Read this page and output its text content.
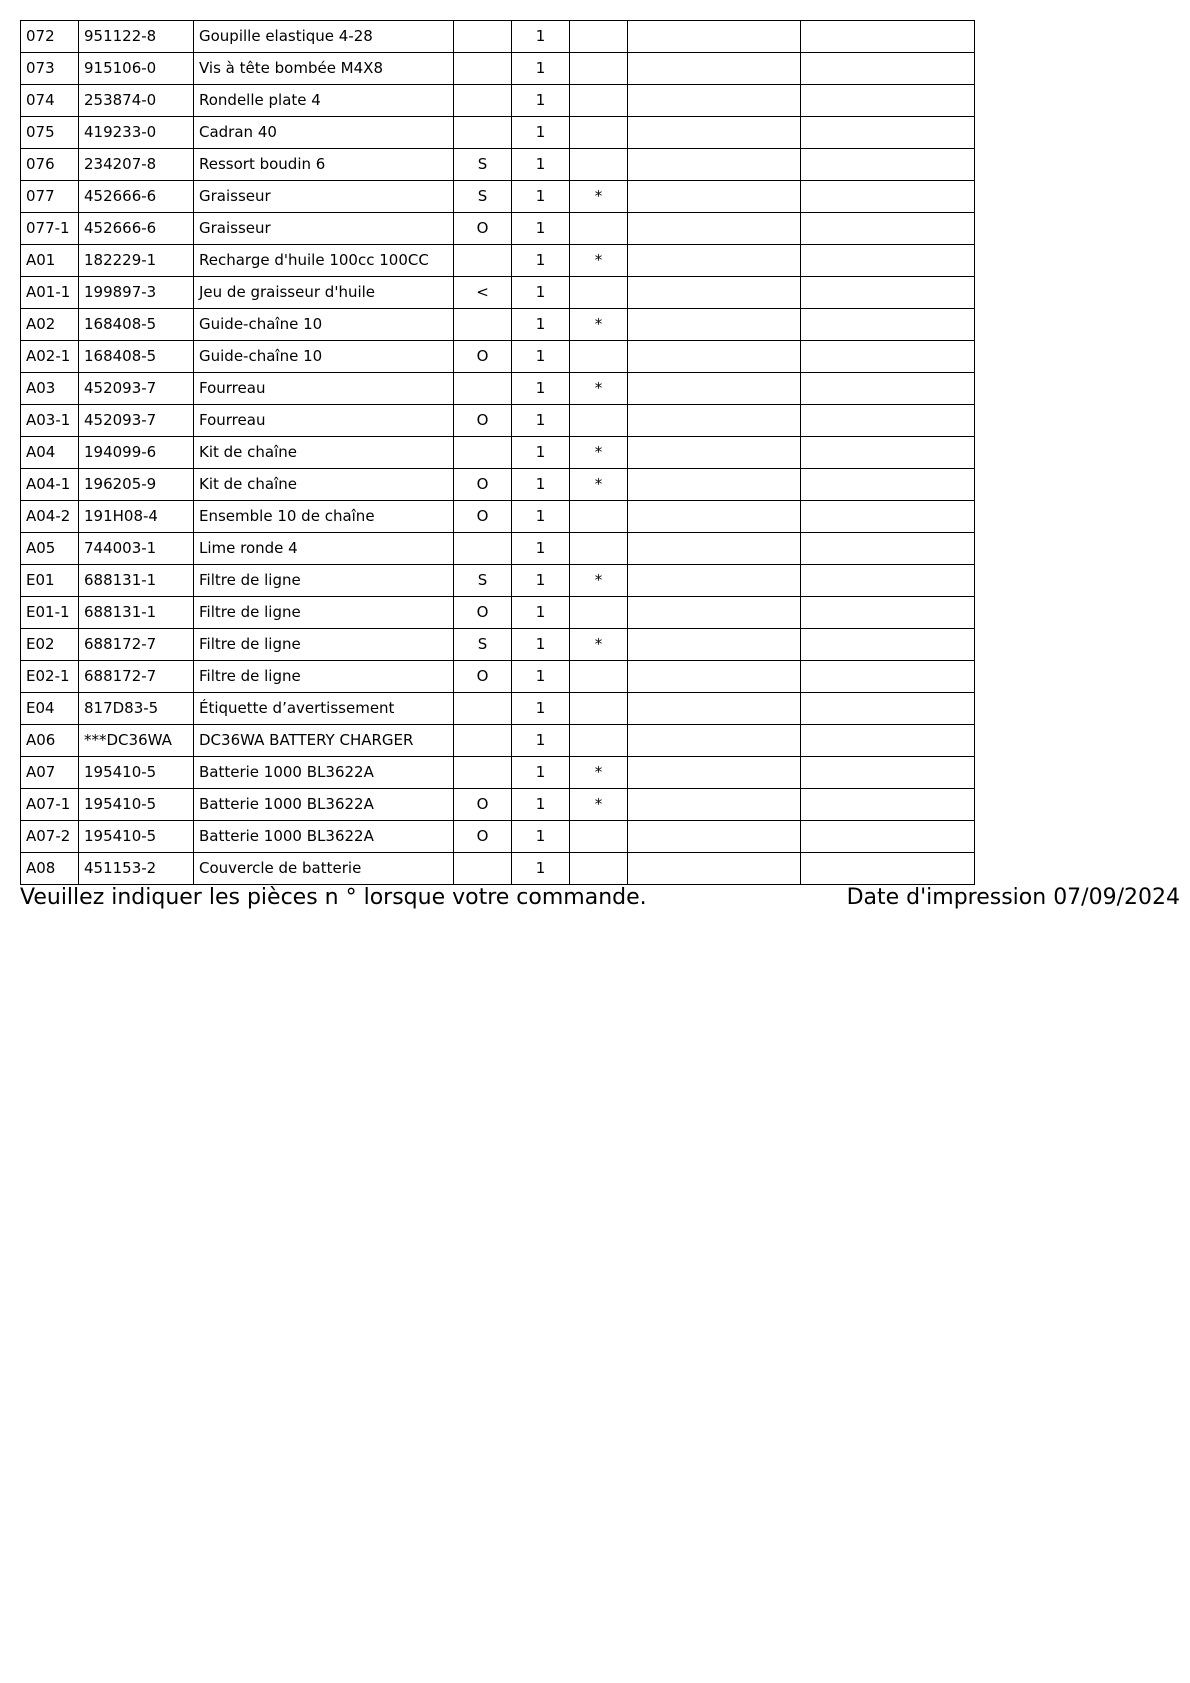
072	951122-8	Goupille elastique 4-28		1			
073	915106-0	Vis à tête bombée M4X8		1			
074	253874-0	Rondelle plate 4		1			
075	419233-0	Cadran 40		1			
076	234207-8	Ressort boudin 6	S	1			
077	452666-6	Graisseur	S	1	*		
077-1	452666-6	Graisseur	O	1			
A01	182229-1	Recharge d'huile 100cc 100CC		1	*		
A01-1	199897-3	Jeu de graisseur d'huile	<	1			
A02	168408-5	Guide-chaîne 10		1	*		
A02-1	168408-5	Guide-chaîne 10	O	1			
A03	452093-7	Fourreau		1	*		
A03-1	452093-7	Fourreau	O	1			
A04	194099-6	Kit de chaîne		1	*		
A04-1	196205-9	Kit de chaîne	O	1	*		
A04-2	191H08-4	Ensemble 10 de chaîne	O	1			
A05	744003-1	Lime ronde 4		1			
E01	688131-1	Filtre de ligne	S	1	*		
E01-1	688131-1	Filtre de ligne	O	1			
E02	688172-7	Filtre de ligne	S	1	*		
E02-1	688172-7	Filtre de ligne	O	1			
E04	817D83-5	Étiquette d’avertissement		1			
A06	***DC36WA	DC36WA BATTERY CHARGER		1			
A07	195410-5	Batterie 1000 BL3622A		1	*		
A07-1	195410-5	Batterie 1000 BL3622A	O	1	*		
A07-2	195410-5	Batterie 1000 BL3622A	O	1			
A08	451153-2	Couvercle de batterie		1			
Veuillez indiquer les pièces n ° lorsque votre commande.	Date d'impression 07/09/2024
